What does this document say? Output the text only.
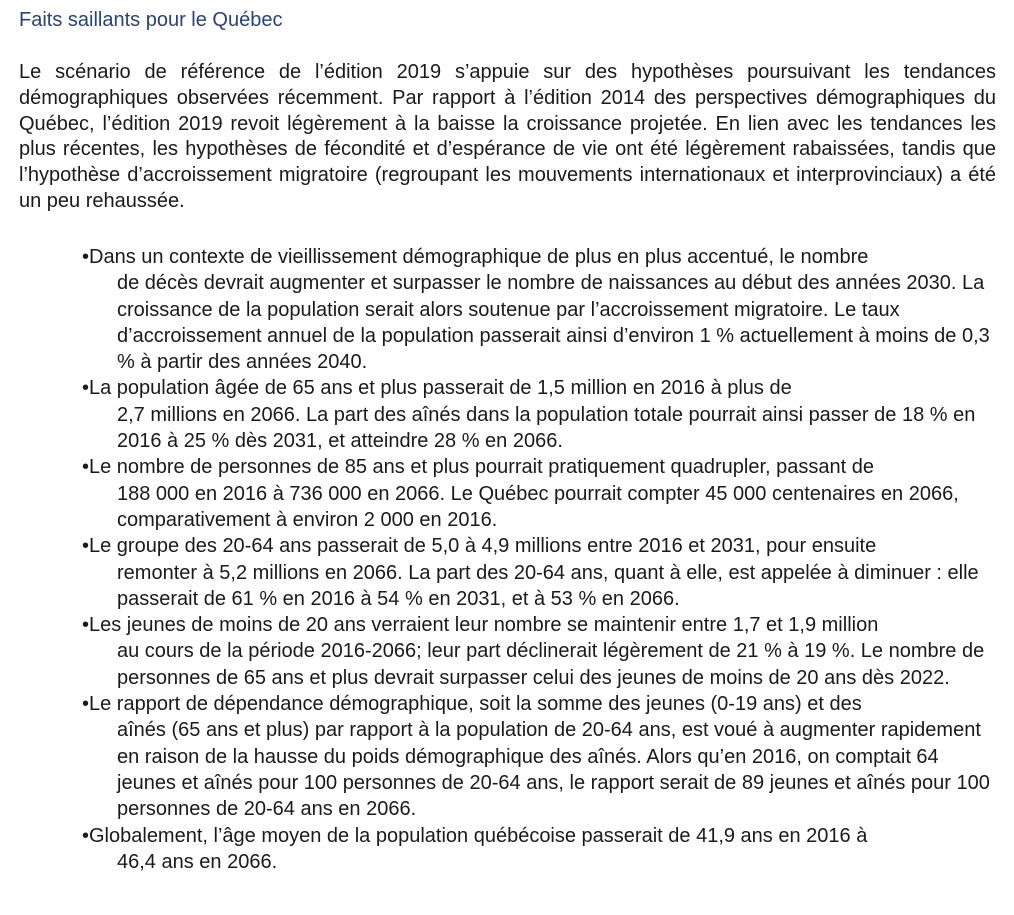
Faits saillants pour le Québec

Le scénario de référence de l’édition 2019 s’appuie sur des hypothèses poursuivant les tendances démographiques observées récemment. Par rapport à l’édition 2014 des perspectives démographiques du Québec, l’édition 2019 revoit légèrement à la baisse la croissance projetée. En lien avec les tendances les plus récentes, les hypothèses de fécondité et d’espérance de vie ont été légèrement rabaissées, tandis que l’hypothèse d’accroissement migratoire (regroupant les mouvements internationaux et interprovinciaux) a été un peu rehaussée.

• Dans un contexte de vieillissement démographique de plus en plus accentué, le nombre
de décès devrait augmenter et surpasser le nombre de naissances au début des années 2030. La croissance de la population serait alors soutenue par l’accroissement migratoire. Le taux d’accroissement annuel de la population passerait ainsi d’environ 1 % actuellement à moins de 0,3 % à partir des années 2040.
• La population âgée de 65 ans et plus passerait de 1,5 million en 2016 à plus de
2,7 millions en 2066. La part des aînés dans la population totale pourrait ainsi passer de 18 % en 2016 à 25 % dès 2031, et atteindre 28 % en 2066.
• Le nombre de personnes de 85 ans et plus pourrait pratiquement quadrupler, passant de
188 000 en 2016 à 736 000 en 2066. Le Québec pourrait compter 45 000 centenaires en 2066, comparativement à environ 2 000 en 2016.
• Le groupe des 20-64 ans passerait de 5,0 à 4,9 millions entre 2016 et 2031, pour ensuite
remonter à 5,2 millions en 2066. La part des 20-64 ans, quant à elle, est appelée à diminuer : elle passerait de 61 % en 2016 à 54 % en 2031, et à 53 % en 2066.
• Les jeunes de moins de 20 ans verraient leur nombre se maintenir entre 1,7 et 1,9 million
au cours de la période 2016-2066; leur part déclinerait légèrement de 21 % à 19 %. Le nombre de personnes de 65 ans et plus devrait surpasser celui des jeunes de moins de 20 ans dès 2022.
• Le rapport de dépendance démographique, soit la somme des jeunes (0-19 ans) et des
aînés (65 ans et plus) par rapport à la population de 20-64 ans, est voué à augmenter rapidement en raison de la hausse du poids démographique des aînés. Alors qu’en 2016, on comptait 64 jeunes et aînés pour 100 personnes de 20-64 ans, le rapport serait de 89 jeunes et aînés pour 100 personnes de 20-64 ans en 2066.
• Globalement, l’âge moyen de la population québécoise passerait de 41,9 ans en 2016 à
46,4 ans en 2066.
